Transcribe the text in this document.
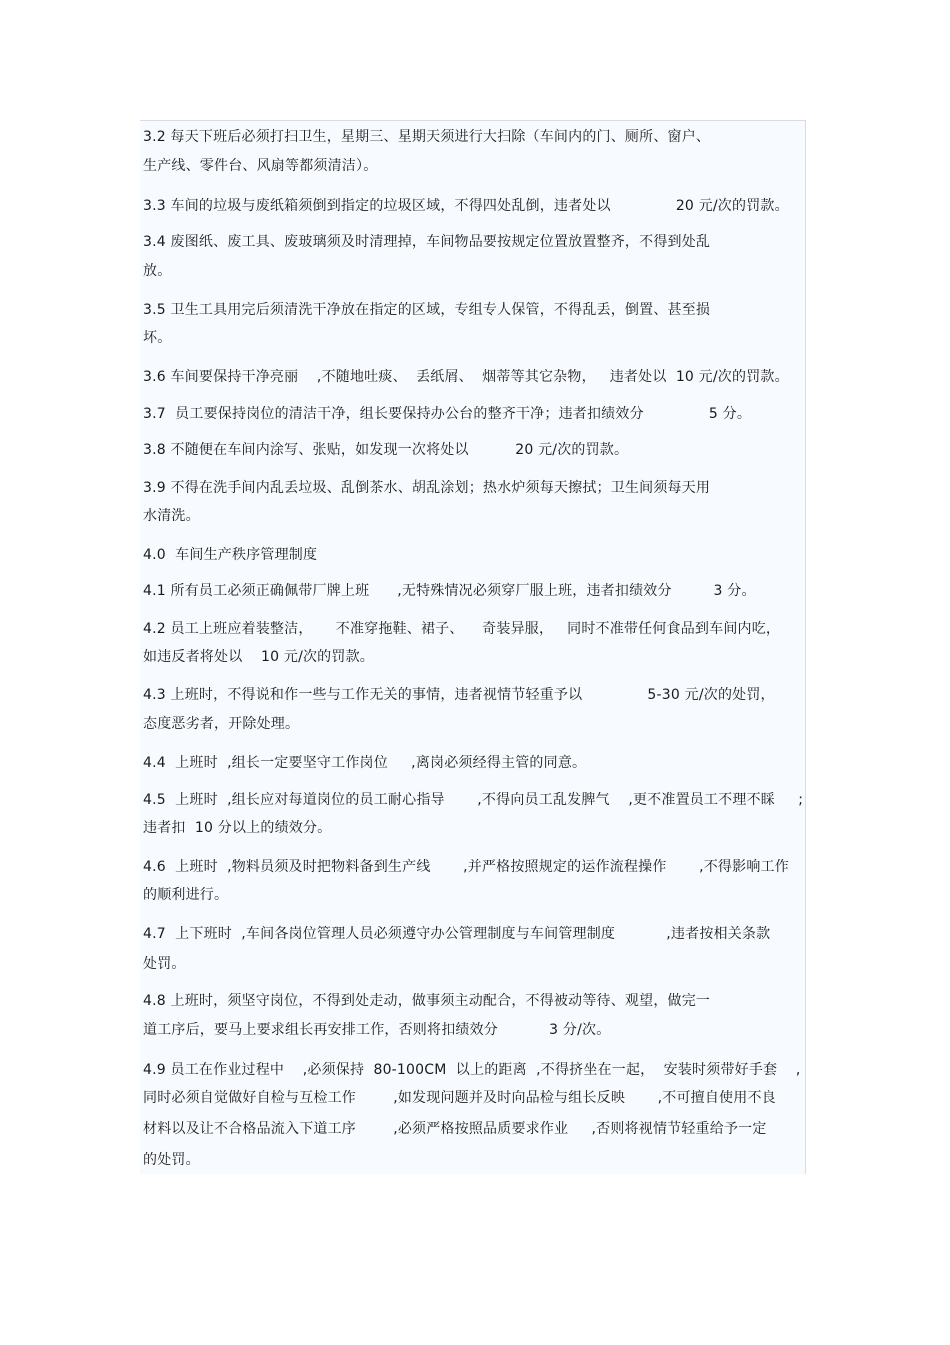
3.2 每天下班后必须打扫卫生，星期三、星期天须进行大扫除（车间内的门、厕所、窗户、
生产线、零件台、风扇等都须清洁）。
3.3 车间的垃圾与废纸箱须倒到指定的垃圾区域，不得四处乱倒，违者处以              20 元/次的罚款。
3.4 废图纸、废工具、废玻璃须及时清理掉，车间物品要按规定位置放置整齐，不得到处乱
放。
3.5 卫生工具用完后须清洗干净放在指定的区域，专组专人保管，不得乱丢，倒置、甚至损
坏。
3.6 车间要保持干净亮丽    ,不随地吐痰、  丢纸屑、  烟蒂等其它杂物，   违者处以  10 元/次的罚款。
3.7  员工要保持岗位的清洁干净，组长要保持办公台的整齐干净；违者扣绩效分              5 分。
3.8 不随便在车间内涂写、张贴，如发现一次将处以          20 元/次的罚款。
3.9 不得在洗手间内乱丢垃圾、乱倒茶水、胡乱涂划；热水炉须每天擦拭；卫生间须每天用
水清洗。
4.0  车间生产秩序管理制度
4.1 所有员工必须正确佩带厂牌上班      ,无特殊情况必须穿厂服上班，违者扣绩效分         3 分。
4.2 员工上班应着装整洁，     不准穿拖鞋、裙子、    奇装异服，   同时不准带任何食品到车间内吃，
如违反者将处以    10 元/次的罚款。
4.3 上班时，不得说和作一些与工作无关的事情，违者视情节轻重予以              5-30 元/次的处罚，
态度恶劣者，开除处理。
4.4  上班时  ,组长一定要坚守工作岗位     ,离岗必须经得主管的同意。
4.5  上班时  ,组长应对每道岗位的员工耐心指导       ,不得向员工乱发脾气    ,更不准置员工不理不睬     ;
违者扣  10 分以上的绩效分。
4.6  上班时  ,物料员须及时把物料备到生产线       ,并严格按照规定的运作流程操作       ,不得影响工作
的顺利进行。
4.7  上下班时  ,车间各岗位管理人员必须遵守办公管理制度与车间管理制度           ,违者按相关条款
处罚。
4.8 上班时，须坚守岗位，不得到处走动，做事须主动配合，不得被动等待、观望，做完一
道工序后，要马上要求组长再安排工作，否则将扣绩效分           3 分/次。
4.9 员工在作业过程中    ,必须保持  80-100CM  以上的距离  ,不得挤坐在一起，  安装时须带好手套    ,
同时必须自觉做好自检与互检工作        ,如发现问题并及时向品检与组长反映       ,不可擅自使用不良
材料以及让不合格品流入下道工序        ,必须严格按照品质要求作业     ,否则将视情节轻重给予一定
的处罚。
